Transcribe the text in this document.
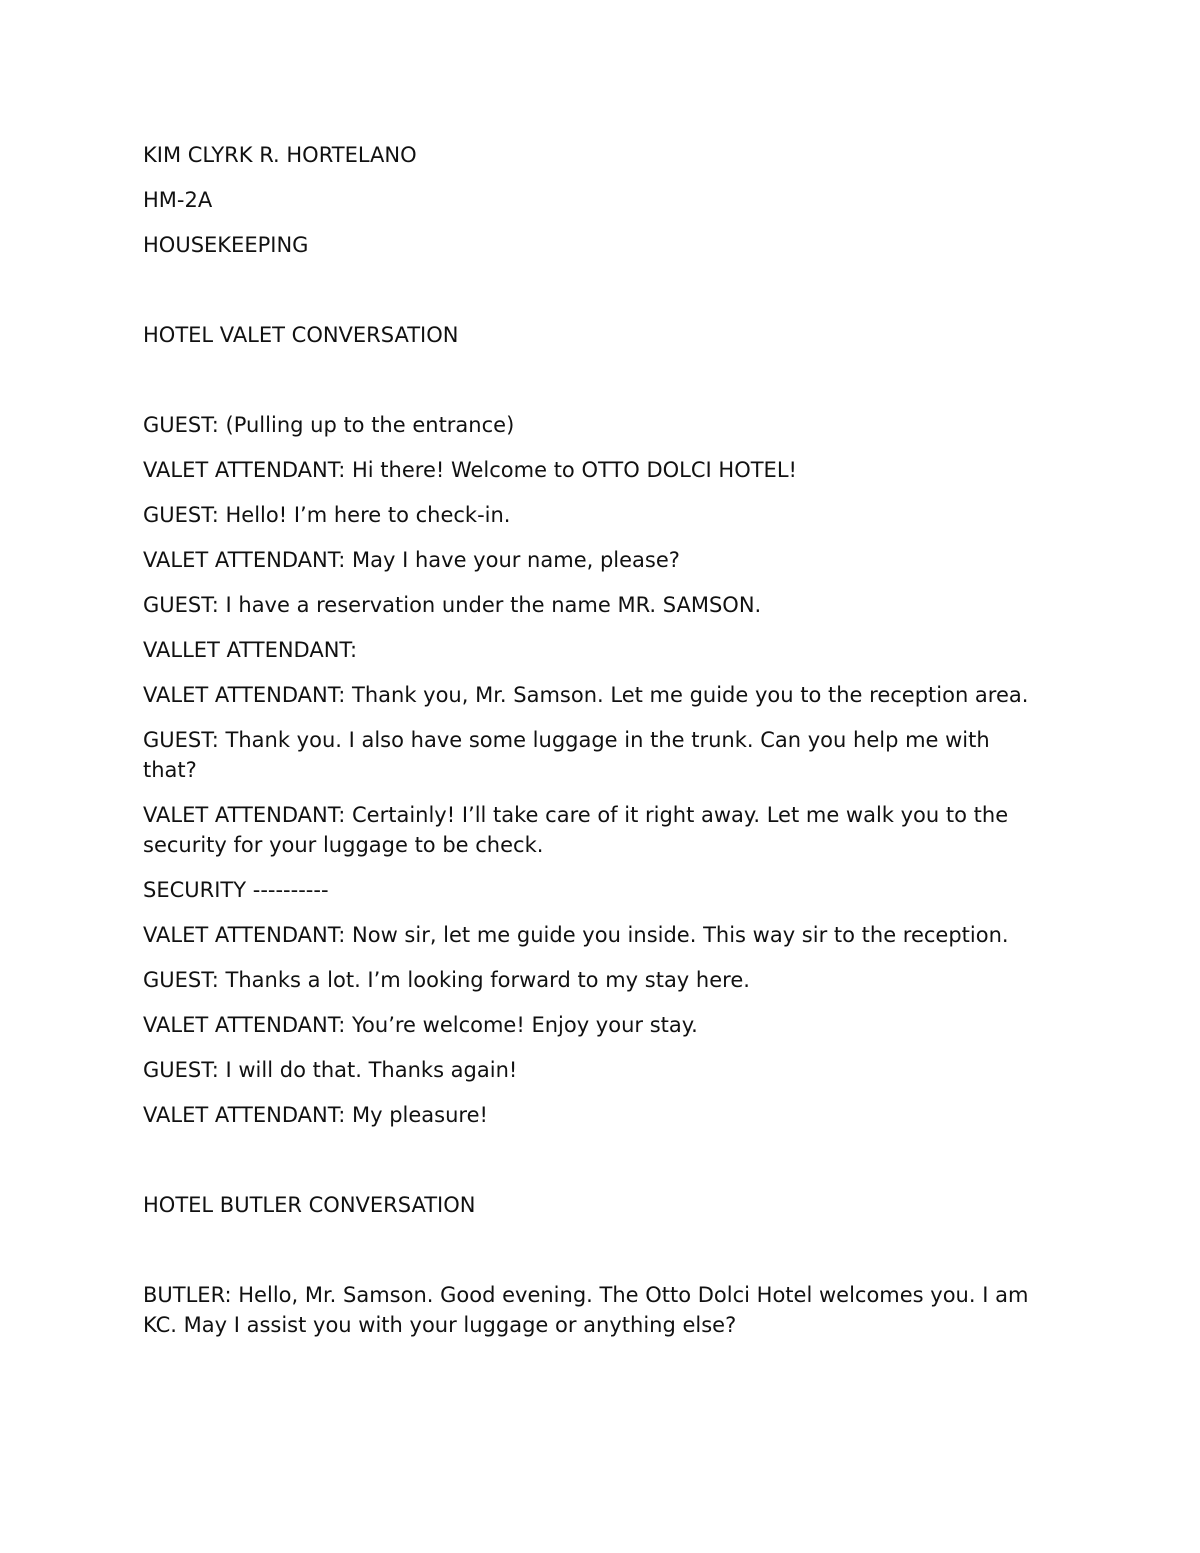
KIM CLYRK R. HORTELANO

HM-2A

HOUSEKEEPING

HOTEL VALET CONVERSATION

GUEST: (Pulling up to the entrance)

VALET ATTENDANT: Hi there! Welcome to OTTO DOLCI HOTEL!

GUEST: Hello! I’m here to check-in.

VALET ATTENDANT: May I have your name, please?

GUEST: I have a reservation under the name MR. SAMSON.

VALLET ATTENDANT:

VALET ATTENDANT: Thank you, Mr. Samson. Let me guide you to the reception area.

GUEST: Thank you. I also have some luggage in the trunk. Can you help me with that?

VALET ATTENDANT: Certainly! I’ll take care of it right away. Let me walk you to the security for your luggage to be check.

SECURITY ----------

VALET ATTENDANT: Now sir, let me guide you inside. This way sir to the reception.

GUEST: Thanks a lot. I’m looking forward to my stay here.

VALET ATTENDANT: You’re welcome! Enjoy your stay.

GUEST: I will do that. Thanks again!

VALET ATTENDANT: My pleasure!

HOTEL BUTLER CONVERSATION

BUTLER: Hello, Mr. Samson. Good evening. The Otto Dolci Hotel welcomes you. I am KC. May I assist you with your luggage or anything else?
